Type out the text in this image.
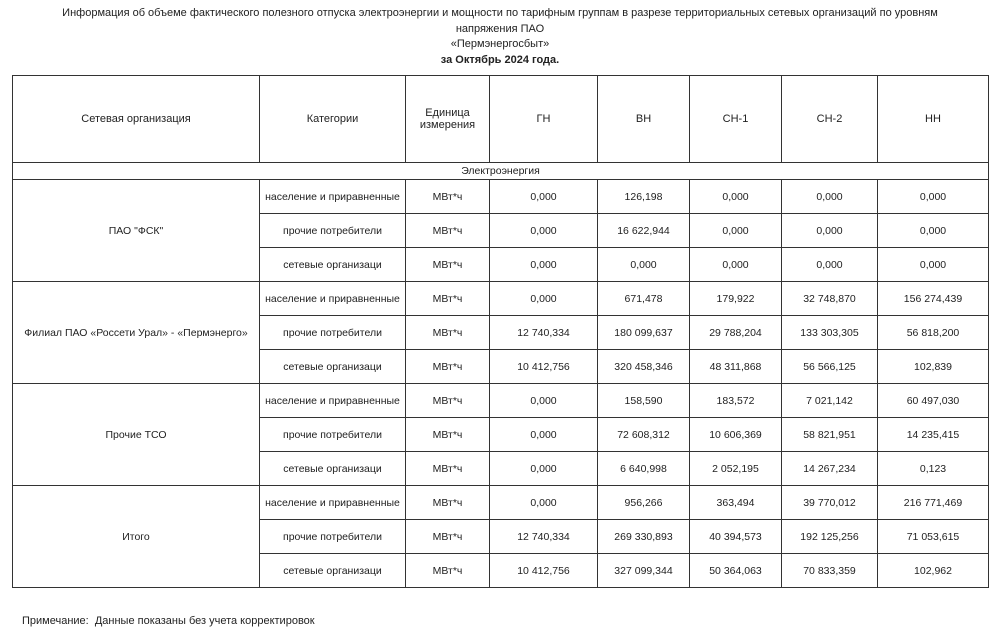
Информация об объеме фактического полезного отпуска электроэнергии и мощности по тарифным группам в разрезе территориальных сетевых организаций по уровням напряжения ПАО
«Пермэнергосбыт»
за Октябрь 2024 года.
Сетевая организация	Категории	Единица измерения	ГН	ВН	СН-1	СН-2	НН
Электроэнергия							
ПАО "ФСК"	население и приравненные	МВт*ч	0,000	126,198	0,000	0,000	0,000
	прочие потребители	МВт*ч	0,000	16 622,944	0,000	0,000	0,000
	сетевые организаци	МВт*ч	0,000	0,000	0,000	0,000	0,000
Филиал ПАО «Россети Урал» - «Пермэнерго»	население и приравненные	МВт*ч	0,000	671,478	179,922	32 748,870	156 274,439
	прочие потребители	МВт*ч	12 740,334	180 099,637	29 788,204	133 303,305	56 818,200
	сетевые организаци	МВт*ч	10 412,756	320 458,346	48 311,868	56 566,125	102,839
Прочие ТСО	население и приравненные	МВт*ч	0,000	158,590	183,572	7 021,142	60 497,030
	прочие потребители	МВт*ч	0,000	72 608,312	10 606,369	58 821,951	14 235,415
	сетевые организаци	МВт*ч	0,000	6 640,998	2 052,195	14 267,234	0,123
Итого	население и приравненные	МВт*ч	0,000	956,266	363,494	39 770,012	216 771,469
	прочие потребители	МВт*ч	12 740,334	269 330,893	40 394,573	192 125,256	71 053,615
	сетевые организаци	МВт*ч	10 412,756	327 099,344	50 364,063	70 833,359	102,962
Примечание:  Данные показаны без учета корректировок
